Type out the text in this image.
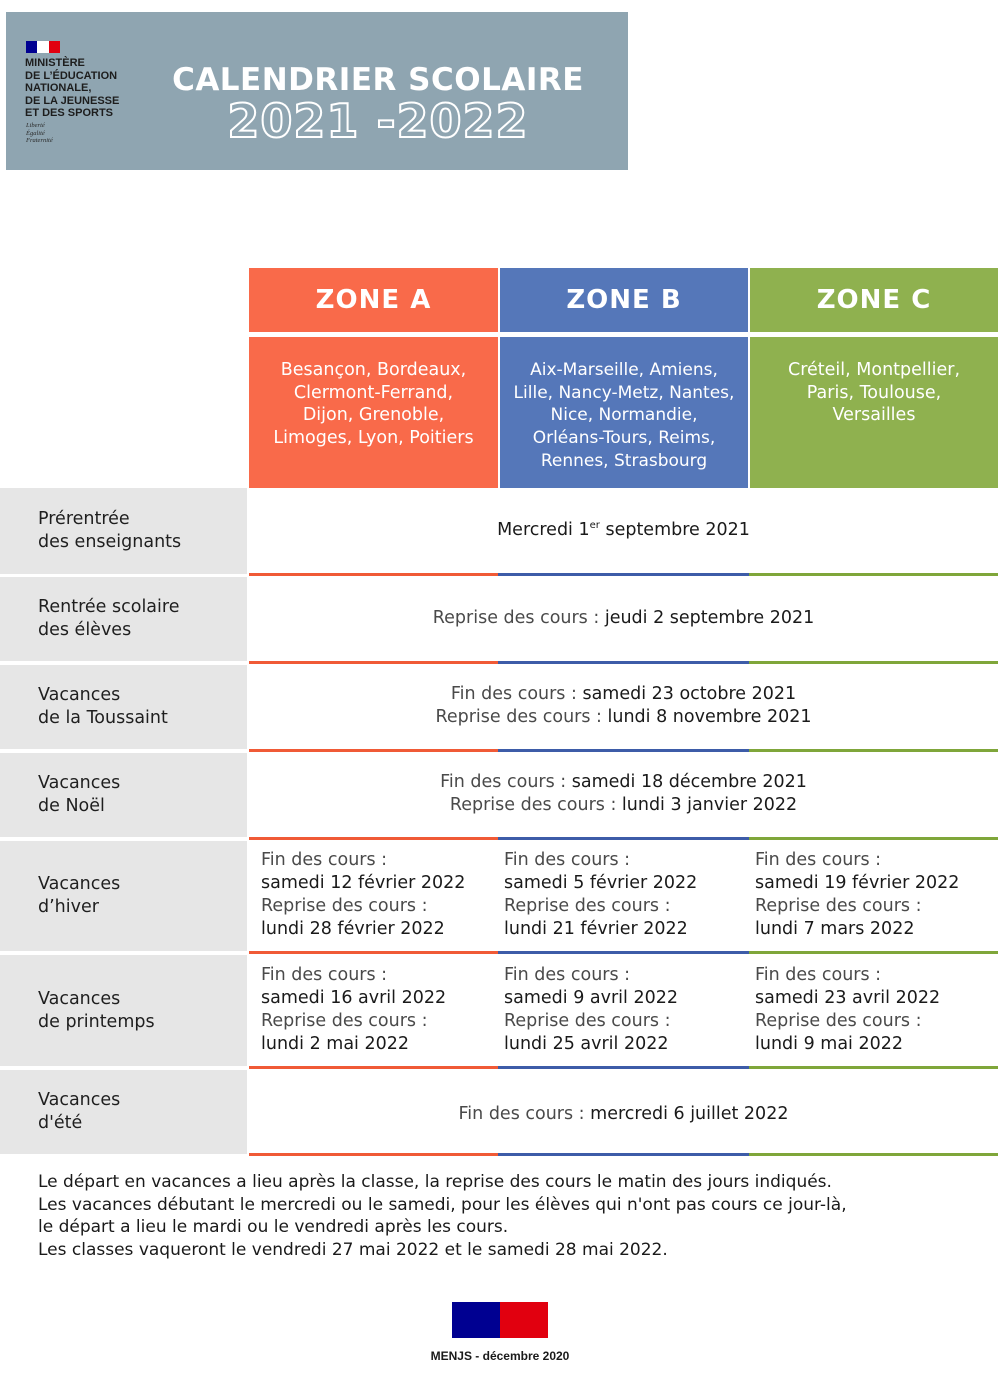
MINISTÈRE
DE L’ÉDUCATION
NATIONALE,
DE LA JEUNESSE
ET DES SPORTS
Liberté
Égalité
Fraternité
CALENDRIER SCOLAIRE
2021 -2022
ZONE A
Besançon, Bordeaux,
Clermont-Ferrand,
Dijon, Grenoble,
Limoges, Lyon, Poitiers
ZONE B
Aix-Marseille, Amiens,
Lille, Nancy-Metz, Nantes,
Nice, Normandie,
Orléans-Tours, Reims,
Rennes, Strasbourg
ZONE C
Créteil, Montpellier,
Paris, Toulouse,
Versailles
Prérentrée
des enseignants
Mercredi 1er septembre 2021
Rentrée scolaire
des élèves
Reprise des cours : jeudi 2 septembre 2021
Vacances
de la Toussaint
Fin des cours : samedi 23 octobre 2021
Reprise des cours : lundi 8 novembre 2021
Vacances
de Noël
Fin des cours : samedi 18 décembre 2021
Reprise des cours : lundi 3 janvier 2022
Vacances
d’hiver
Fin des cours :
samedi 12 février 2022
Reprise des cours :
lundi 28 février 2022
Fin des cours :
samedi 5 février 2022
Reprise des cours :
lundi 21 février 2022
Fin des cours :
samedi 19 février 2022
Reprise des cours :
lundi 7 mars 2022
Vacances
de printemps
Fin des cours :
samedi 16 avril 2022
Reprise des cours :
lundi 2 mai 2022
Fin des cours :
samedi 9 avril 2022
Reprise des cours :
lundi 25 avril 2022
Fin des cours :
samedi 23 avril 2022
Reprise des cours :
lundi 9 mai 2022
Vacances
d'été	Fin des cours : mercredi 6 juillet 2022

Le départ en vacances a lieu après la classe, la reprise des cours le matin des jours indiqués.

Les vacances débutant le mercredi ou le samedi, pour les élèves qui n'ont pas cours ce jour-là,

le départ a lieu le mardi ou le vendredi après les cours.

Les classes vaqueront le vendredi 27 mai 2022 et le samedi 28 mai 2022.

MENJS - décembre 2020
